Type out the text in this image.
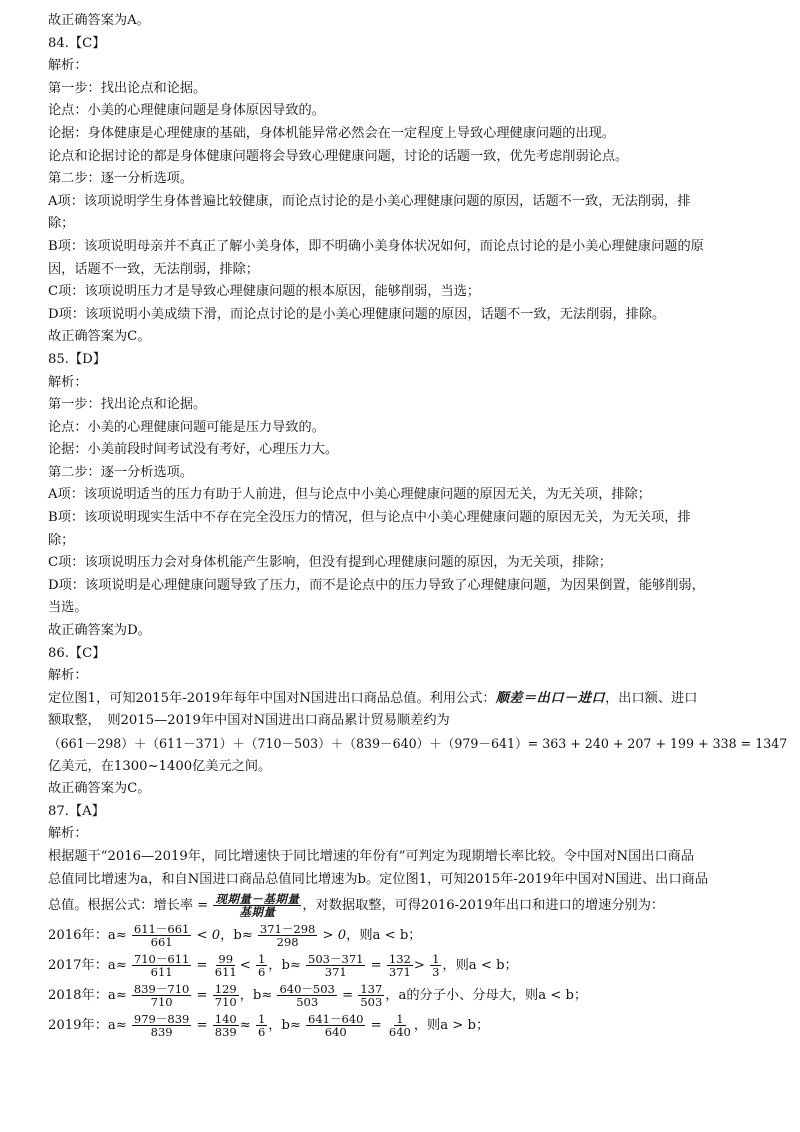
故正确答案为A。
84.【C】
解析：
第一步：找出论点和论据。
论点：小美的心理健康问题是身体原因导致的。
论据：身体健康是心理健康的基础，身体机能异常必然会在一定程度上导致心理健康问题的出现。
论点和论据讨论的都是身体健康问题将会导致心理健康问题，讨论的话题一致，优先考虑削弱论点。
第二步：逐一分析选项。
A项：该项说明学生身体普遍比较健康，而论点讨论的是小美心理健康问题的原因，话题不一致，无法削弱，排
除；
B项：该项说明母亲并不真正了解小美身体，即不明确小美身体状况如何，而论点讨论的是小美心理健康问题的原
因，话题不一致，无法削弱，排除；
C项：该项说明压力才是导致心理健康问题的根本原因，能够削弱，当选；
D项：该项说明小美成绩下滑，而论点讨论的是小美心理健康问题的原因，话题不一致，无法削弱，排除。
故正确答案为C。
85.【D】
解析：
第一步：找出论点和论据。
论点：小美的心理健康问题可能是压力导致的。
论据：小美前段时间考试没有考好，心理压力大。
第二步：逐一分析选项。
A项：该项说明适当的压力有助于人前进，但与论点中小美心理健康问题的原因无关，为无关项，排除；
B项：该项说明现实生活中不存在完全没压力的情况，但与论点中小美心理健康问题的原因无关，为无关项，排
除；
C项：该项说明压力会对身体机能产生影响，但没有提到心理健康问题的原因，为无关项，排除；
D项：该项说明是心理健康问题导致了压力，而不是论点中的压力导致了心理健康问题，为因果倒置，能够削弱，
当选。
故正确答案为D。
86.【C】
解析：
定位图1，可知2015年-2019年每年中国对N国进出口商品总值。利用公式：顺差＝出口－进口，出口额、进口
额取整，　则2015—2019年中国对N国进出口商品累计贸易顺差约为
（661－298）＋（611－371）＋（710－503）＋（839－640）＋（979－641）= 363 + 240 + 207 + 199 + 338 = 1347
亿美元，在1300~1400亿美元之间。
故正确答案为C。
87.【A】
解析：
根据题干“2016—2019年，同比增速快于同比增速的年份有”可判定为现期增长率比较。令中国对N国出口商品
总值同比增速为a，和自N国进口商品总值同比增速为b。定位图1，可知2015年-2019年中国对N国进、出口商品
总值。根据公式：增长率 = $\frac{\text{现期量－基期量}}{\text{基期量}}$ ，对数据取整，可得2016-2019年出口和进口的增速分别为：
2016年：$a\approx \frac{611-661}{661} < 0$，$b\approx \frac{371-298}{298} > 0$，则a < b；
2017年：$a\approx \frac{710-611}{611} = \frac{99}{611} < \frac{1}{6}$ ，$b\approx \frac{503-371}{371} = \frac{132}{371} > \frac{1}{3}$ ，则a < b；
2018年：$a\approx \frac{839-710}{710} = \frac{129}{710}$ ，$b\approx \frac{640-503}{503} = \frac{137}{503}$ ，a的分子小、分母大，则a < b；
2019年：$a\approx \frac{979-839}{839} = \frac{140}{839} \approx \frac{1}{6}$ ，$b\approx \frac{641-640}{640} = \frac{1}{640}$ ，则a > b；
